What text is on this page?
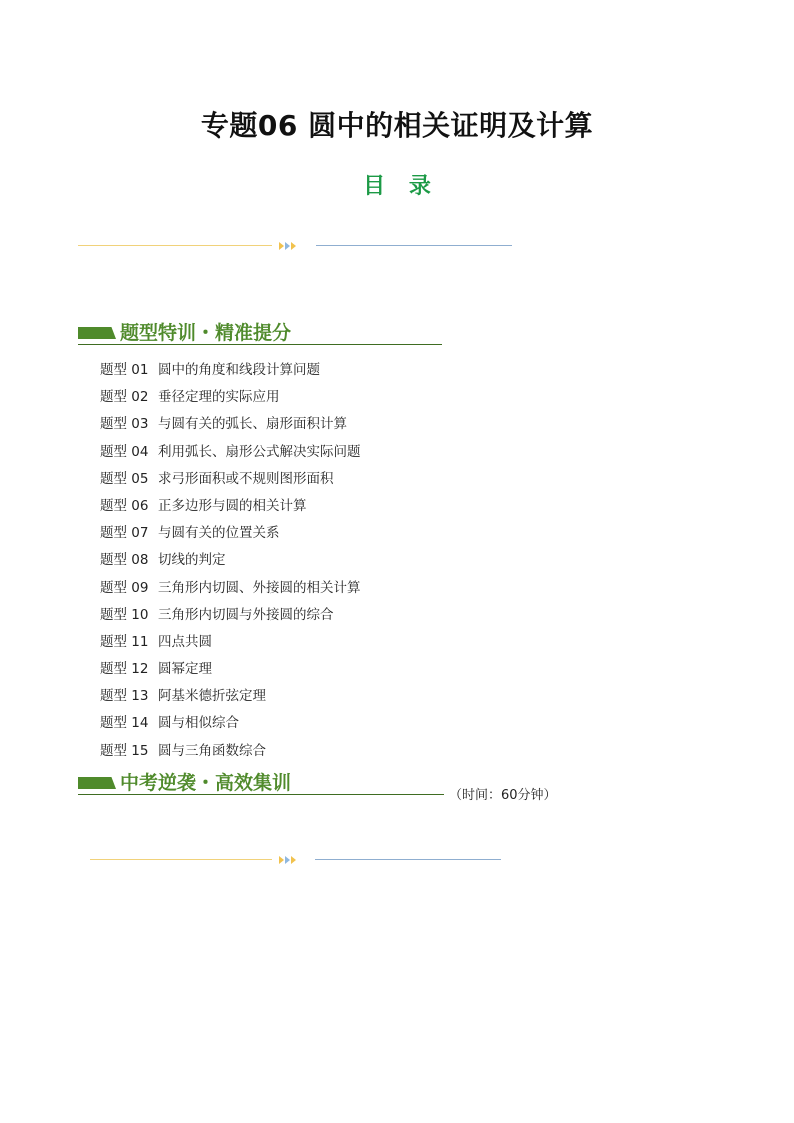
专题06 圆中的相关证明及计算
目 录
题型特训・精准提分
题型 01 圆中的角度和线段计算问题
题型 02 垂径定理的实际应用
题型 03 与圆有关的弧长、扇形面积计算
题型 04 利用弧长、扇形公式解决实际问题
题型 05 求弓形面积或不规则图形面积
题型 06 正多边形与圆的相关计算
题型 07 与圆有关的位置关系
题型 08 切线的判定
题型 09 三角形内切圆、外接圆的相关计算
题型 10 三角形内切圆与外接圆的综合
题型 11 四点共圆
题型 12 圆幂定理
题型 13 阿基米德折弦定理
题型 14 圆与相似综合
题型 15 圆与三角函数综合
中考逆袭・高效集训
（时间：60分钟）
